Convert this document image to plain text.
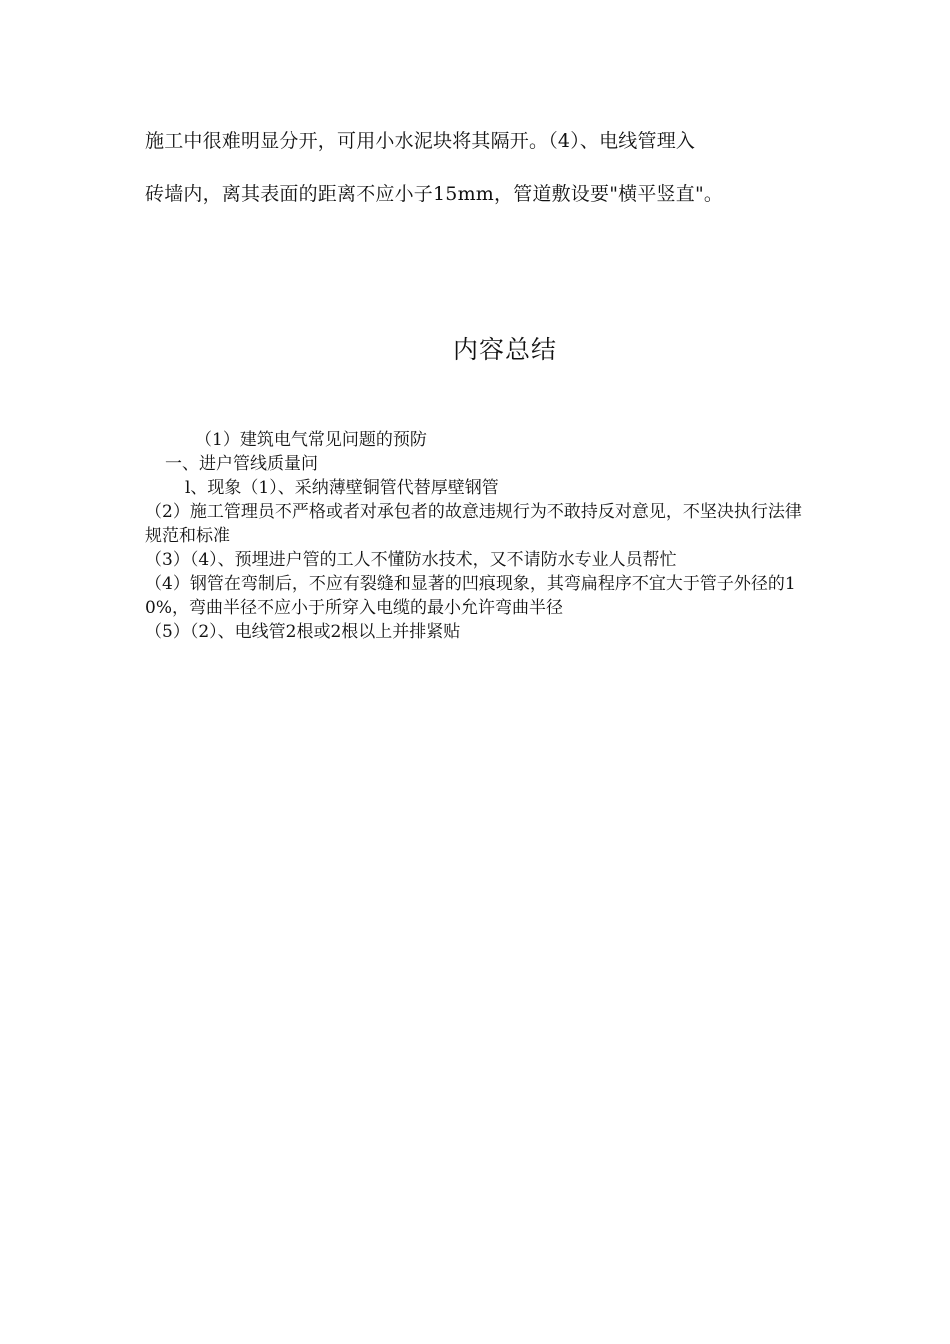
施工中很难明显分开，可用小水泥块将其隔开。（4）、电线管理入
砖墙内，离其表面的距离不应小子15mm，管道敷设要"横平竖直"。
内容总结

（1）建筑电气常见问题的预防

一、进户管线质量问

l、现象（1）、采纳薄壁铜管代替厚壁钢管

（2）施工管理员不严格或者对承包者的故意违规行为不敢持反对意见，不坚决执行法律规范和标准

（3）（4）、预埋进户管的工人不懂防水技术，又不请防水专业人员帮忙

（4）钢管在弯制后，不应有裂缝和显著的凹痕现象，其弯扁程序不宜大于管子外径的10%，弯曲半径不应小于所穿入电缆的最小允许弯曲半径

（5）（2）、电线管2根或2根以上并排紧贴
